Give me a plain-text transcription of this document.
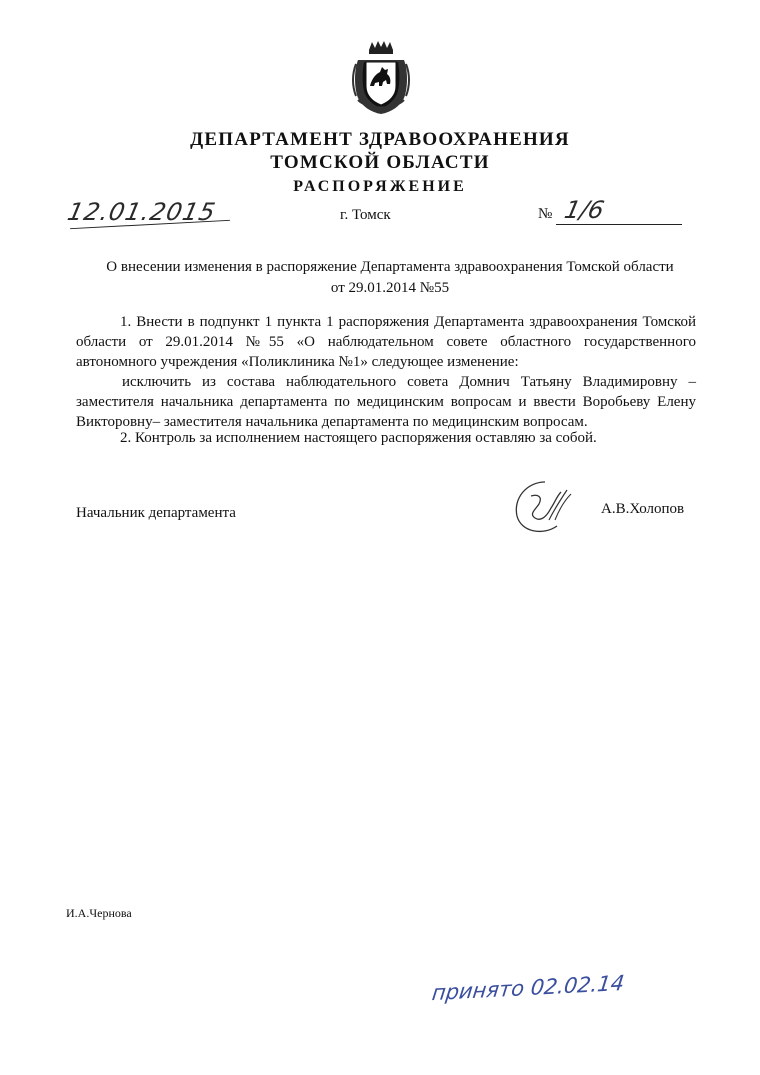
ДЕПАРТАМЕНТ ЗДРАВООХРАНЕНИЯ
ТОМСКОЙ ОБЛАСТИ
РАСПОРЯЖЕНИЕ
12.01.2015	г. Томск	№ 1/6
О внесении изменения в распоряжение Департамента здравоохранения Томской области
от 29.01.2014 №55
1. Внести в подпункт 1 пункта 1 распоряжения Департамента здравоохранения Томской области от 29.01.2014 №55 «О наблюдательном совете областного государственного автономного учреждения «Поликлиника №1» следующее изменение:
исключить из состава наблюдательного совета Домнич Татьяну Владимировну – заместителя начальника департамента по медицинским вопросам и ввести Воробьеву Елену Викторовну– заместителя начальника департамента по медицинским вопросам.
2. Контроль за исполнением настоящего распоряжения оставляю за собой.
Начальник департамента	А.В.Холопов
И.А.Чернова
принято 02.02.14
